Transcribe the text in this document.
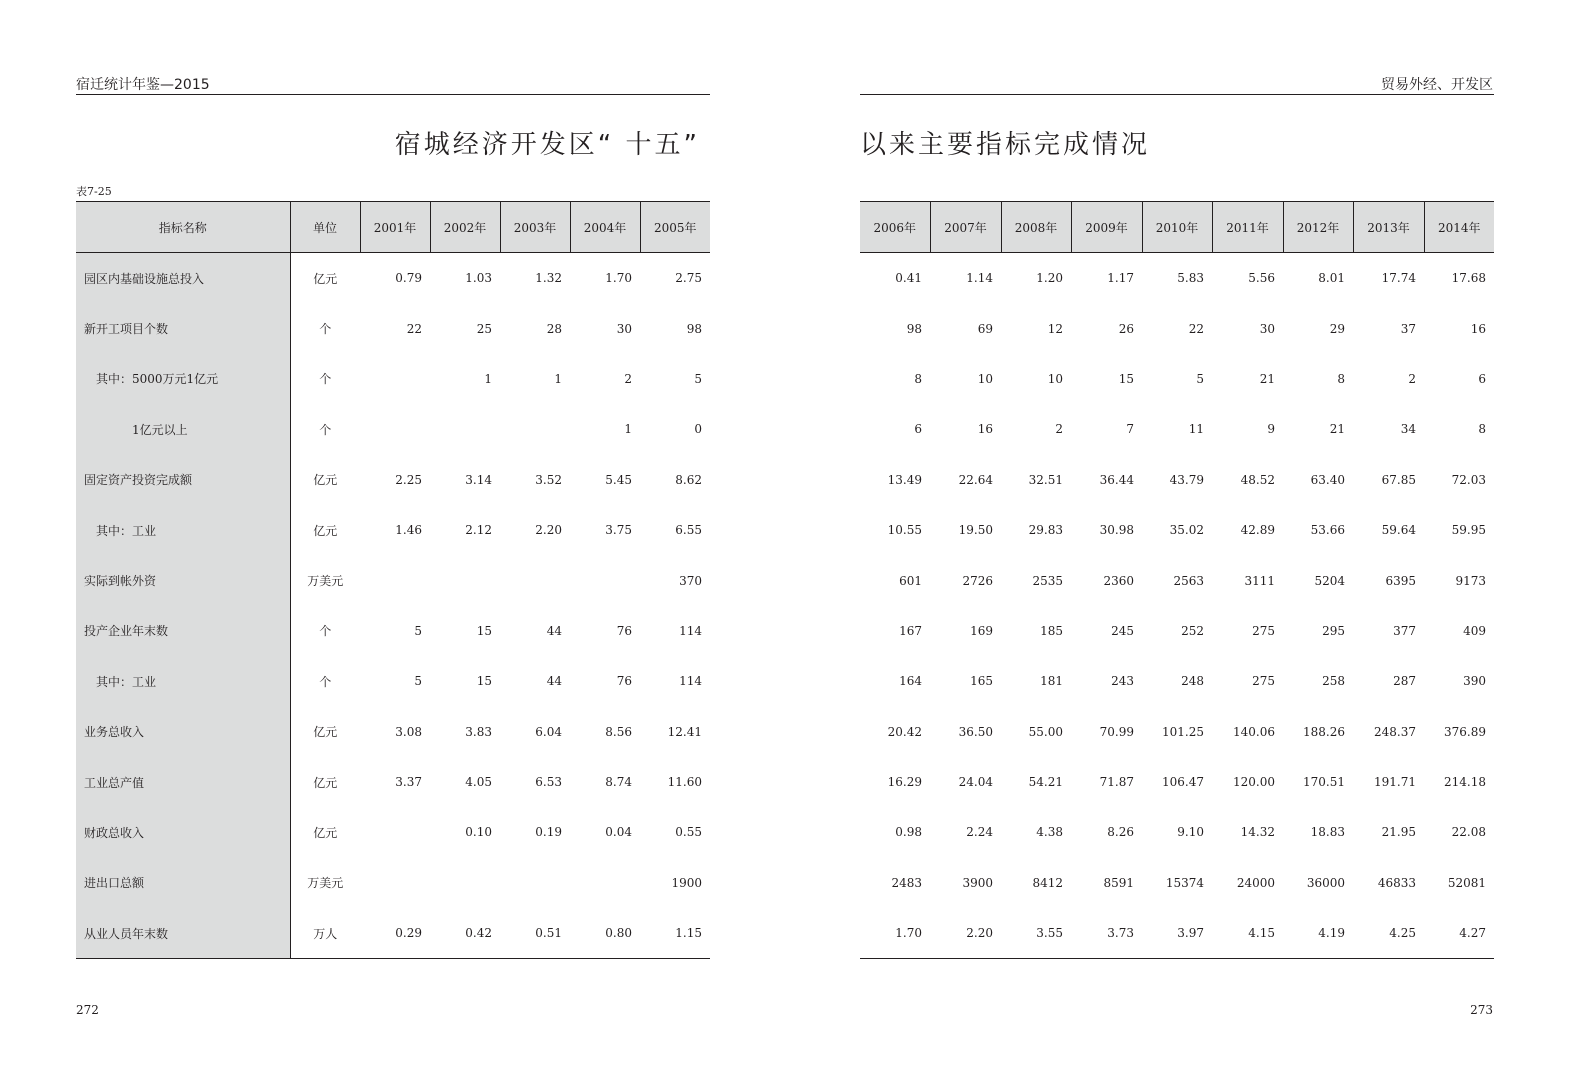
宿迁统计年鉴—2015
宿城经济开发区“ 十五”
表7-25
272
贸易外经、开发区
以来主要指标完成情况
273
指标名称	单位	2001年	2002年	2003年	2004年	2005年
园区内基础设施总投入	亿元	0.79	1.03	1.32	1.70	2.75
新开工项目个数	个	22	25	28	30	98
其中：5000万元1亿元	个		1	1	2	5
1亿元以上	个				1	0
固定资产投资完成额	亿元	2.25	3.14	3.52	5.45	8.62
其中：工业	亿元	1.46	2.12	2.20	3.75	6.55
实际到帐外资	万美元					370
投产企业年末数	个	5	15	44	76	114
其中：工业	个	5	15	44	76	114
业务总收入	亿元	3.08	3.83	6.04	8.56	12.41
工业总产值	亿元	3.37	4.05	6.53	8.74	11.60
财政总收入	亿元		0.10	0.19	0.04	0.55
进出口总额	万美元					1900
从业人员年末数	万人	0.29	0.42	0.51	0.80	1.15
2006年	2007年	2008年	2009年	2010年	2011年	2012年	2013年	2014年
0.41	1.14	1.20	1.17	5.83	5.56	8.01	17.74	17.68
98	69	12	26	22	30	29	37	16
8	10	10	15	5	21	8	2	6
6	16	2	7	11	9	21	34	8
13.49	22.64	32.51	36.44	43.79	48.52	63.40	67.85	72.03
10.55	19.50	29.83	30.98	35.02	42.89	53.66	59.64	59.95
601	2726	2535	2360	2563	3111	5204	6395	9173
167	169	185	245	252	275	295	377	409
164	165	181	243	248	275	258	287	390
20.42	36.50	55.00	70.99	101.25	140.06	188.26	248.37	376.89
16.29	24.04	54.21	71.87	106.47	120.00	170.51	191.71	214.18
0.98	2.24	4.38	8.26	9.10	14.32	18.83	21.95	22.08
2483	3900	8412	8591	15374	24000	36000	46833	52081
1.70	2.20	3.55	3.73	3.97	4.15	4.19	4.25	4.27
